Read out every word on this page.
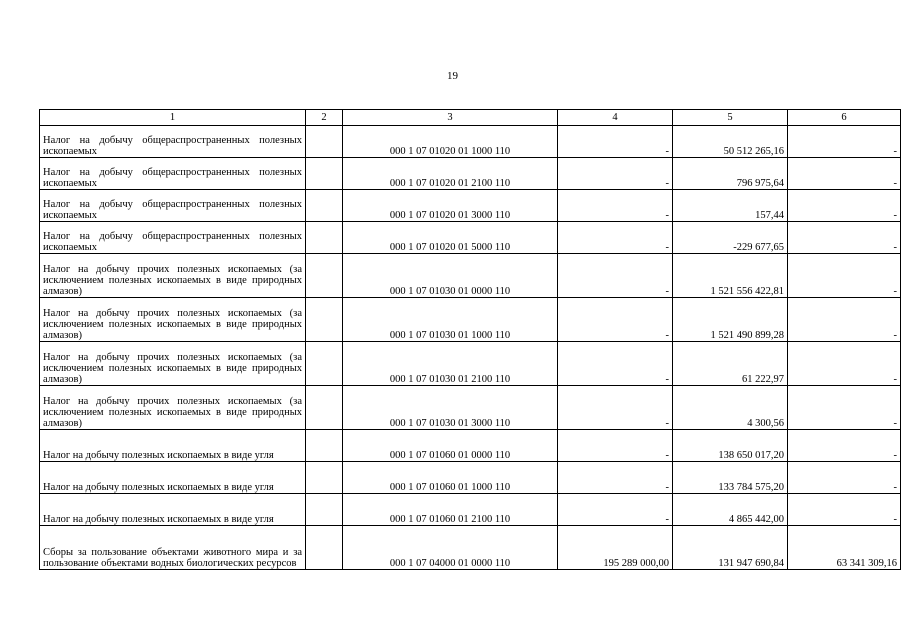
19
1	2	3	4	5	6
Налог на добычу общераспространенных полезных ископаемых		000 1 07 01020 01 1000 110	-	50 512 265,16	-
Налог на добычу общераспространенных полезных ископаемых		000 1 07 01020 01 2100 110	-	796 975,64	-
Налог на добычу общераспространенных полезных ископаемых		000 1 07 01020 01 3000 110	-	157,44	-
Налог на добычу общераспространенных полезных ископаемых		000 1 07 01020 01 5000 110	-	-229 677,65	-
Налог на добычу прочих полезных ископаемых (за исключением полезных ископаемых в виде природных алмазов)		000 1 07 01030 01 0000 110	-	1 521 556 422,81	-
Налог на добычу прочих полезных ископаемых (за исключением полезных ископаемых в виде природных алмазов)		000 1 07 01030 01 1000 110	-	1 521 490 899,28	-
Налог на добычу прочих полезных ископаемых (за исключением полезных ископаемых в виде природных алмазов)		000 1 07 01030 01 2100 110	-	61 222,97	-
Налог на добычу прочих полезных ископаемых (за исключением полезных ископаемых в виде природных алмазов)		000 1 07 01030 01 3000 110	-	4 300,56	-
Налог на добычу полезных ископаемых в виде угля		000 1 07 01060 01 0000 110	-	138 650 017,20	-
Налог на добычу полезных ископаемых в виде угля		000 1 07 01060 01 1000 110	-	133 784 575,20	-
Налог на добычу полезных ископаемых в виде угля		000 1 07 01060 01 2100 110	-	4 865 442,00	-
Сборы за пользование объектами животного мира и за пользование объектами водных биологических ресурсов		000 1 07 04000 01 0000 110	195 289 000,00	131 947 690,84	63 341 309,16
